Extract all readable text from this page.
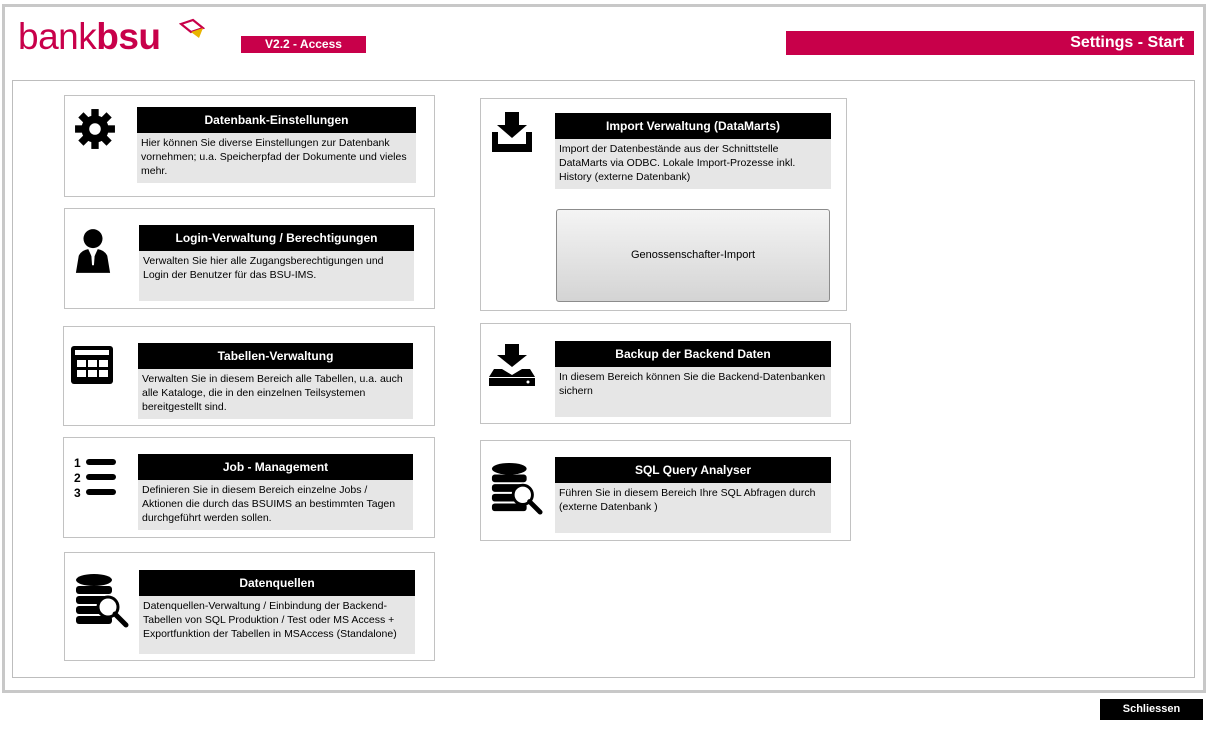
bankbsu	V2.2 - Access	Settings - Start
Datenbank-Einstellungen
Hier können Sie diverse Einstellungen zur Datenbank vornehmen; u.a. Speicherpfad der Dokumente und vieles mehr.
Login-Verwaltung / Berechtigungen
Verwalten Sie hier alle Zugangsberechtigungen und Login der Benutzer für das BSU-IMS.
Tabellen-Verwaltung
Verwalten Sie in diesem Bereich alle Tabellen, u.a. auch alle Kataloge, die in den einzelnen Teilsystemen bereitgestellt sind.
1
2
3
Job - Management
Definieren Sie in diesem Bereich einzelne Jobs / Aktionen die durch das BSUIMS an bestimmten Tagen durchgeführt werden sollen.
Datenquellen
Datenquellen-Verwaltung / Einbindung der Backend-Tabellen von SQL Produktion / Test oder MS Access + Exportfunktion der Tabellen in MSAccess (Standalone)
Import Verwaltung (DataMarts)
Import der Datenbestände aus der Schnittstelle DataMarts via ODBC. Lokale Import-Prozesse inkl. History (externe Datenbank)
Genossenschafter-Import
Backup der Backend Daten
In diesem Bereich können Sie die Backend-Datenbanken sichern
SQL Query Analyser
Führen Sie in diesem Bereich Ihre SQL Abfragen durch (externe Datenbank )
Schliessen
